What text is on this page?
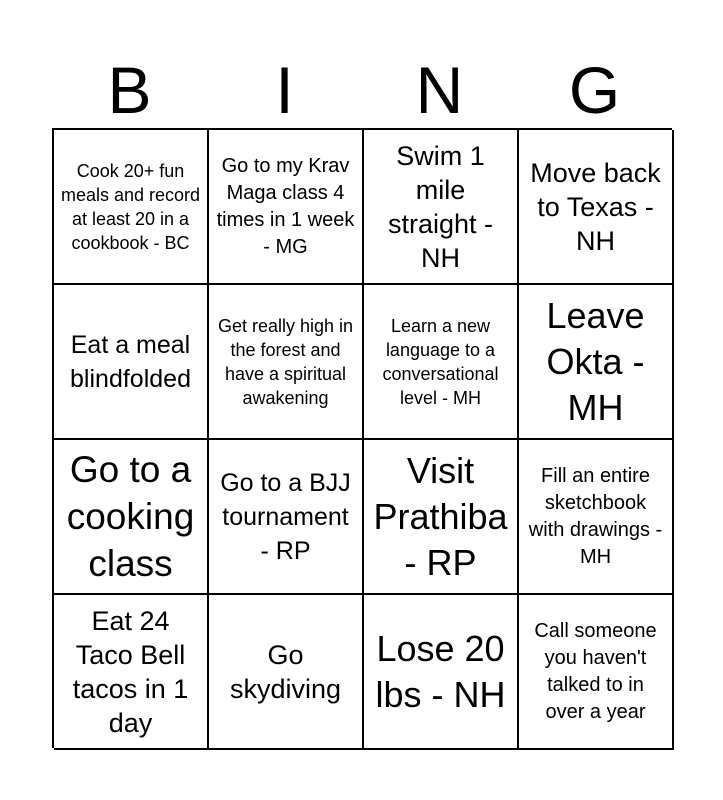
B	I	N	G
Cook 20+ fun meals and record at least 20 in a cookbook - BC
Go to my Krav Maga class 4 times in 1 week - MG
Swim 1 mile straight - NH
Move back to Texas - NH
Eat a meal blindfolded
Get really high in the forest and have a spiritual awakening
Learn a new language to a conversational level - MH
Leave Okta - MH
Go to a cooking class
Go to a BJJ tournament - RP
Visit Prathiba - RP
Fill an entire sketchbook with drawings - MH
Eat 24 Taco Bell tacos in 1 day
Go skydiving
Lose 20 lbs - NH
Call someone you haven't talked to in over a year
